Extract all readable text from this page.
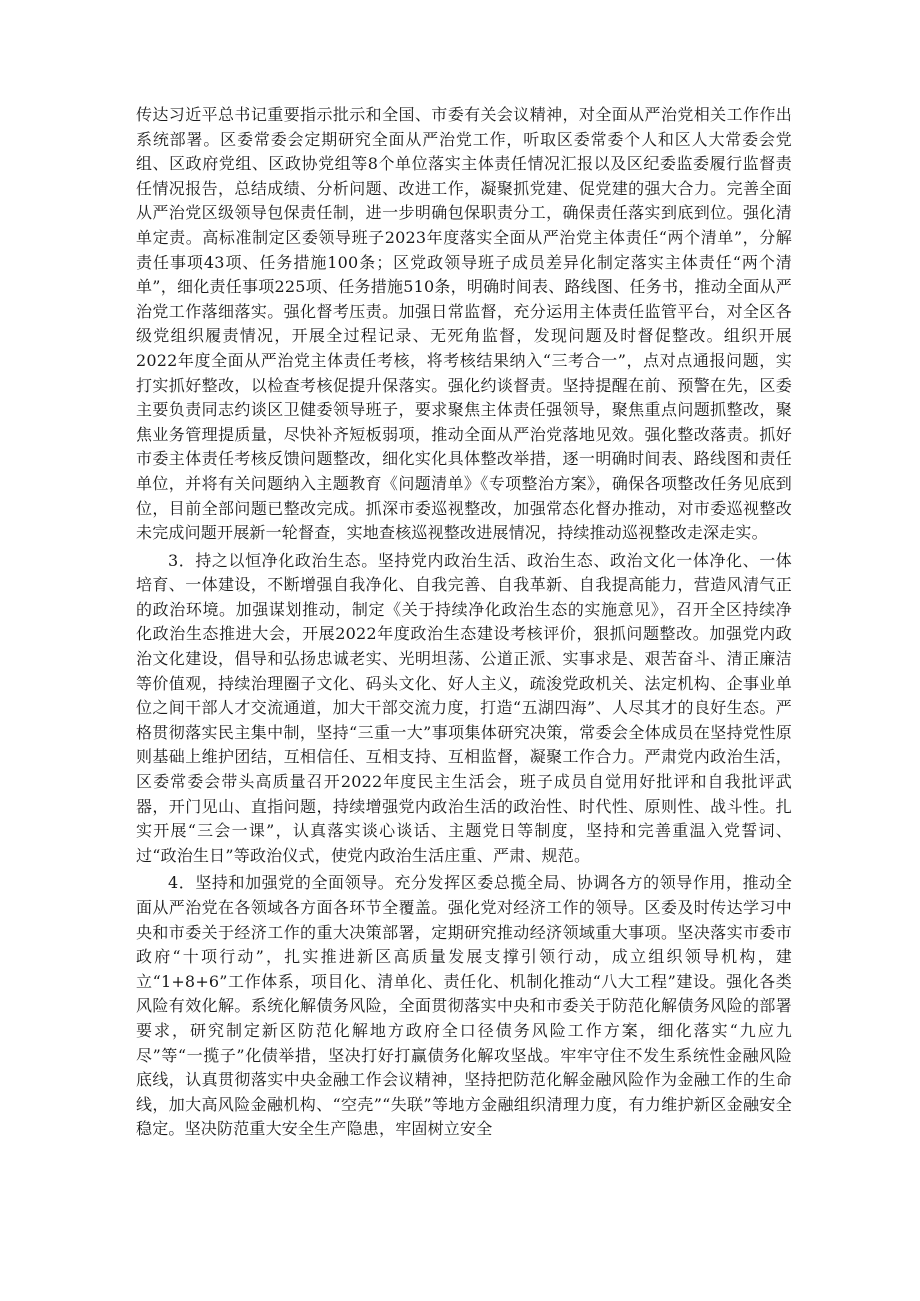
传达习近平总书记重要指示批示和全国、市委有关会议精神，对全面从严治党相关工作作出系统部署。区委常委会定期研究全面从严治党工作，听取区委常委个人和区人大常委会党组、区政府党组、区政协党组等8个单位落实主体责任情况汇报以及区纪委监委履行监督责任情况报告，总结成绩、分析问题、改进工作，凝聚抓党建、促党建的强大合力。完善全面从严治党区级领导包保责任制，进一步明确包保职责分工，确保责任落实到底到位。强化清单定责。高标准制定区委领导班子2023年度落实全面从严治党主体责任“两个清单”，分解责任事项43项、任务措施100条；区党政领导班子成员差异化制定落实主体责任“两个清单”，细化责任事项225项、任务措施510条，明确时间表、路线图、任务书，推动全面从严治党工作落细落实。强化督考压责。加强日常监督，充分运用主体责任监管平台，对全区各级党组织履责情况，开展全过程记录、无死角监督，发现问题及时督促整改。组织开展2022年度全面从严治党主体责任考核，将考核结果纳入“三考合一”，点对点通报问题，实打实抓好整改，以检查考核促提升保落实。强化约谈督责。坚持提醒在前、预警在先，区委主要负责同志约谈区卫健委领导班子，要求聚焦主体责任强领导，聚焦重点问题抓整改，聚焦业务管理提质量，尽快补齐短板弱项，推动全面从严治党落地见效。强化整改落责。抓好市委主体责任考核反馈问题整改，细化实化具体整改举措，逐一明确时间表、路线图和责任单位，并将有关问题纳入主题教育《问题清单》《专项整治方案》，确保各项整改任务见底到位，目前全部问题已整改完成。抓深市委巡视整改，加强常态化督办推动，对市委巡视整改未完成问题开展新一轮督查，实地查核巡视整改进展情况，持续推动巡视整改走深走实。

3．持之以恒净化政治生态。坚持党内政治生活、政治生态、政治文化一体净化、一体培育、一体建设，不断增强自我净化、自我完善、自我革新、自我提高能力，营造风清气正的政治环境。加强谋划推动，制定《关于持续净化政治生态的实施意见》，召开全区持续净化政治生态推进大会，开展2022年度政治生态建设考核评价，狠抓问题整改。加强党内政治文化建设，倡导和弘扬忠诚老实、光明坦荡、公道正派、实事求是、艰苦奋斗、清正廉洁等价值观，持续治理圈子文化、码头文化、好人主义，疏浚党政机关、法定机构、企事业单位之间干部人才交流通道，加大干部交流力度，打造“五湖四海”、人尽其才的良好生态。严格贯彻落实民主集中制，坚持“三重一大”事项集体研究决策，常委会全体成员在坚持党性原则基础上维护团结，互相信任、互相支持、互相监督，凝聚工作合力。严肃党内政治生活，区委常委会带头高质量召开2022年度民主生活会，班子成员自觉用好批评和自我批评武器，开门见山、直指问题，持续增强党内政治生活的政治性、时代性、原则性、战斗性。扎实开展“三会一课”，认真落实谈心谈话、主题党日等制度，坚持和完善重温入党誓词、过“政治生日”等政治仪式，使党内政治生活庄重、严肃、规范。

4．坚持和加强党的全面领导。充分发挥区委总揽全局、协调各方的领导作用，推动全面从严治党在各领域各方面各环节全覆盖。强化党对经济工作的领导。区委及时传达学习中央和市委关于经济工作的重大决策部署，定期研究推动经济领域重大事项。坚决落实市委市政府“十项行动”，扎实推进新区高质量发展支撑引领行动，成立组织领导机构，建立“1+8+6”工作体系，项目化、清单化、责任化、机制化推动“八大工程”建设。强化各类风险有效化解。系统化解债务风险，全面贯彻落实中央和市委关于防范化解债务风险的部署要求，研究制定新区防范化解地方政府全口径债务风险工作方案，细化落实“九应九尽”等“一揽子”化债举措，坚决打好打赢债务化解攻坚战。牢牢守住不发生系统性金融风险底线，认真贯彻落实中央金融工作会议精神，坚持把防范化解金融风险作为金融工作的生命线，加大高风险金融机构、“空壳”“失联”等地方金融组织清理力度，有力维护新区金融安全稳定。坚决防范重大安全生产隐患，牢固树立安全
